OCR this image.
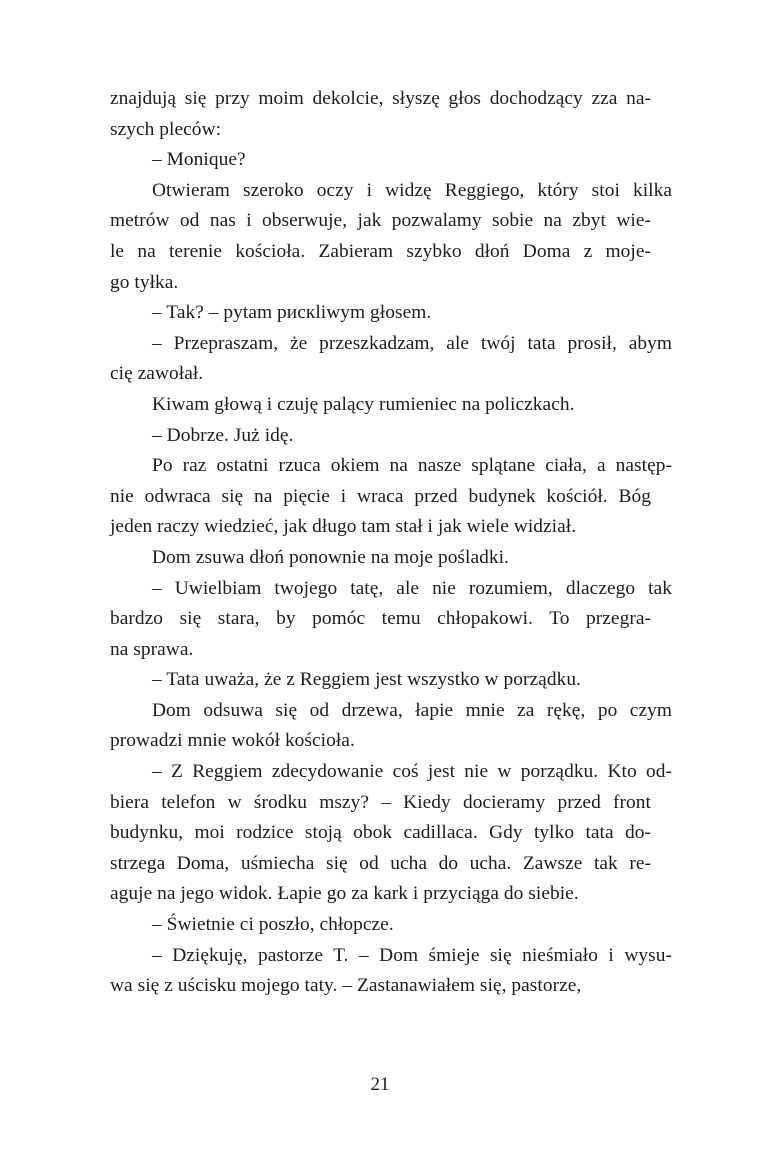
znajdują się przy moim dekolcie, słyszę głos dochodzący zza na-
szych pleców:
– Monique?
Otwieram szeroko oczy i widzę Reggiego, który stoi kilka
metrów od nas i obserwuje, jak pozwalamy sobie na zbyt wie-
le na terenie kościoła. Zabieram szybko dłoń Doma z moje-
go tyłka.
– Tak? – pytam pискliwym głosem.
– Przepraszam, że przeszkadzam, ale twój tata prosił, abym
cię zawołał.
Kiwam głową i czuję palący rumieniec na policzkach.
– Dobrze. Już idę.
Po raz ostatni rzuca okiem na nasze splątane ciała, a następ-
nie odwraca się na pięcie i wraca przed budynek kościół. Bóg
jeden raczy wiedzieć, jak długo tam stał i jak wiele widział.
Dom zsuwa dłoń ponownie na moje pośladki.
– Uwielbiam twojego tatę, ale nie rozumiem, dlaczego tak
bardzo się stara, by pomóc temu chłopakowi. To przegra-
na sprawa.
– Tata uważa, że z Reggiem jest wszystko w porządku.
Dom odsuwa się od drzewa, łapie mnie za rękę, po czym
prowadzi mnie wokół kościoła.
– Z Reggiem zdecydowanie coś jest nie w porządku. Kto od-
biera telefon w środku mszy? – Kiedy docieramy przed front
budynku, moi rodzice stoją obok cadillaca. Gdy tylko tata do-
strzega Doma, uśmiecha się od ucha do ucha. Zawsze tak re-
aguje na jego widok. Łapie go za kark i przyciąga do siebie.
– Świetnie ci poszło, chłopcze.
– Dziękuję, pastorze T. – Dom śmieje się nieśmiało i wysu-
wa się z uścisku mojego taty. – Zastanawiałem się, pastorze,
21
